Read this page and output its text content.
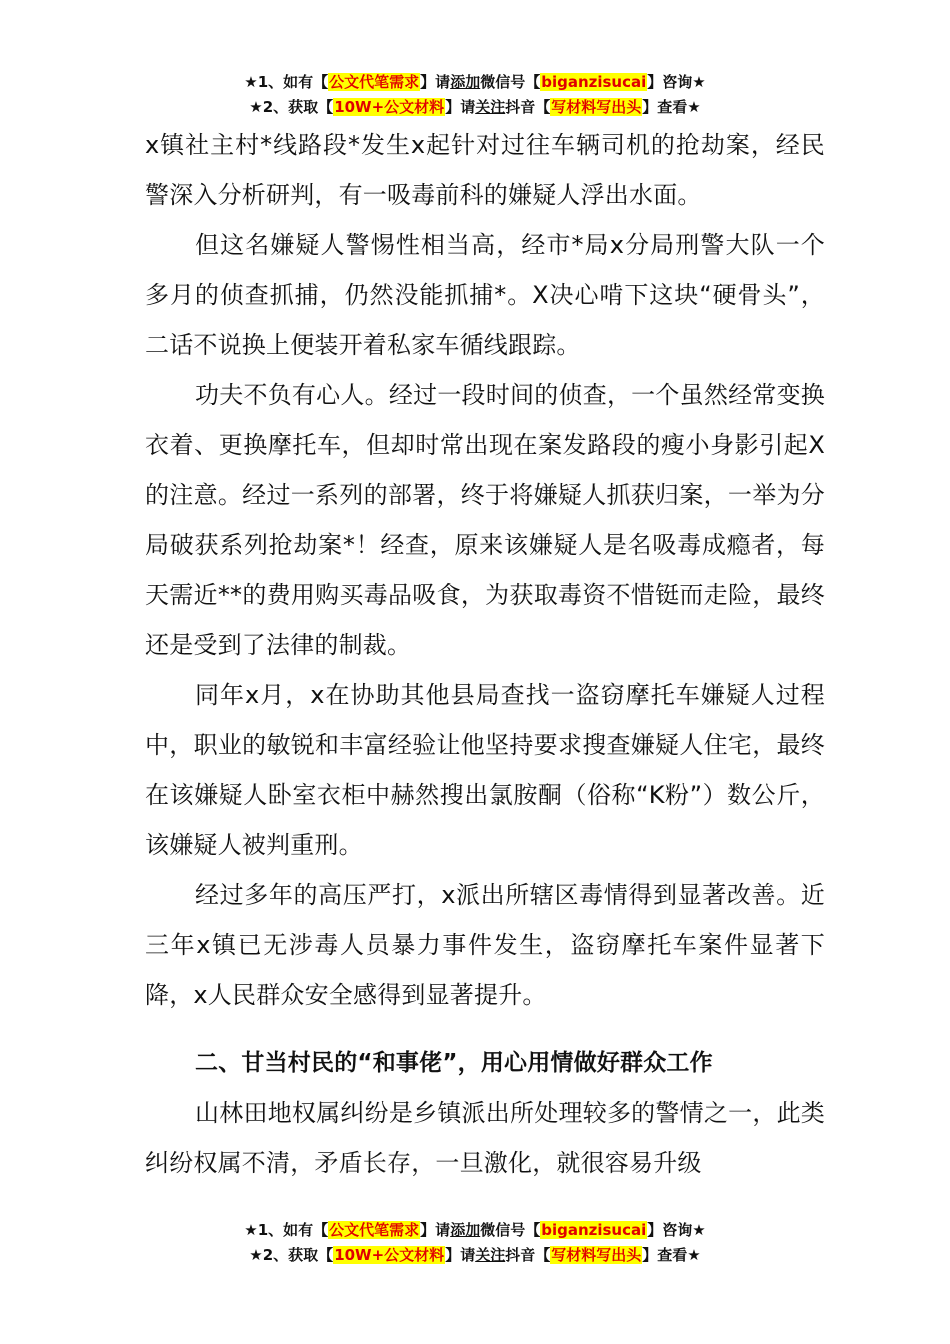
★1、如有【公文代笔需求】请添加微信号【biganzisucai】咨询★
★2、获取【10W+公文材料】请关注抖音【写材料写出头】查看★

x镇社主村*线路段*发生x起针对过往车辆司机的抢劫案，经民警深入分析研判，有一吸毒前科的嫌疑人浮出水面。

但这名嫌疑人警惕性相当高，经市*局x分局刑警大队一个多月的侦查抓捕，仍然没能抓捕*。X决心啃下这块“硬骨头”，二话不说换上便装开着私家车循线跟踪。

功夫不负有心人。经过一段时间的侦查，一个虽然经常变换衣着、更换摩托车，但却时常出现在案发路段的瘦小身影引起X的注意。经过一系列的部署，终于将嫌疑人抓获归案，一举为分局破获系列抢劫案*！经查，原来该嫌疑人是名吸毒成瘾者，每天需近**的费用购买毒品吸食，为获取毒资不惜铤而走险，最终还是受到了法律的制裁。

同年x月，x在协助其他县局查找一盗窃摩托车嫌疑人过程中，职业的敏锐和丰富经验让他坚持要求搜查嫌疑人住宅，最终在该嫌疑人卧室衣柜中赫然搜出氯胺酮（俗称“K粉”）数公斤，该嫌疑人被判重刑。

经过多年的高压严打，x派出所辖区毒情得到显著改善。近三年x镇已无涉毒人员暴力事件发生，盗窃摩托车案件显著下降，x人民群众安全感得到显著提升。

二、甘当村民的“和事佬”，用心用情做好群众工作

山林田地权属纠纷是乡镇派出所处理较多的警情之一，此类纠纷权属不清，矛盾长存，一旦激化，就很容易升级

★1、如有【公文代笔需求】请添加微信号【biganzisucai】咨询★
★2、获取【10W+公文材料】请关注抖音【写材料写出头】查看★
